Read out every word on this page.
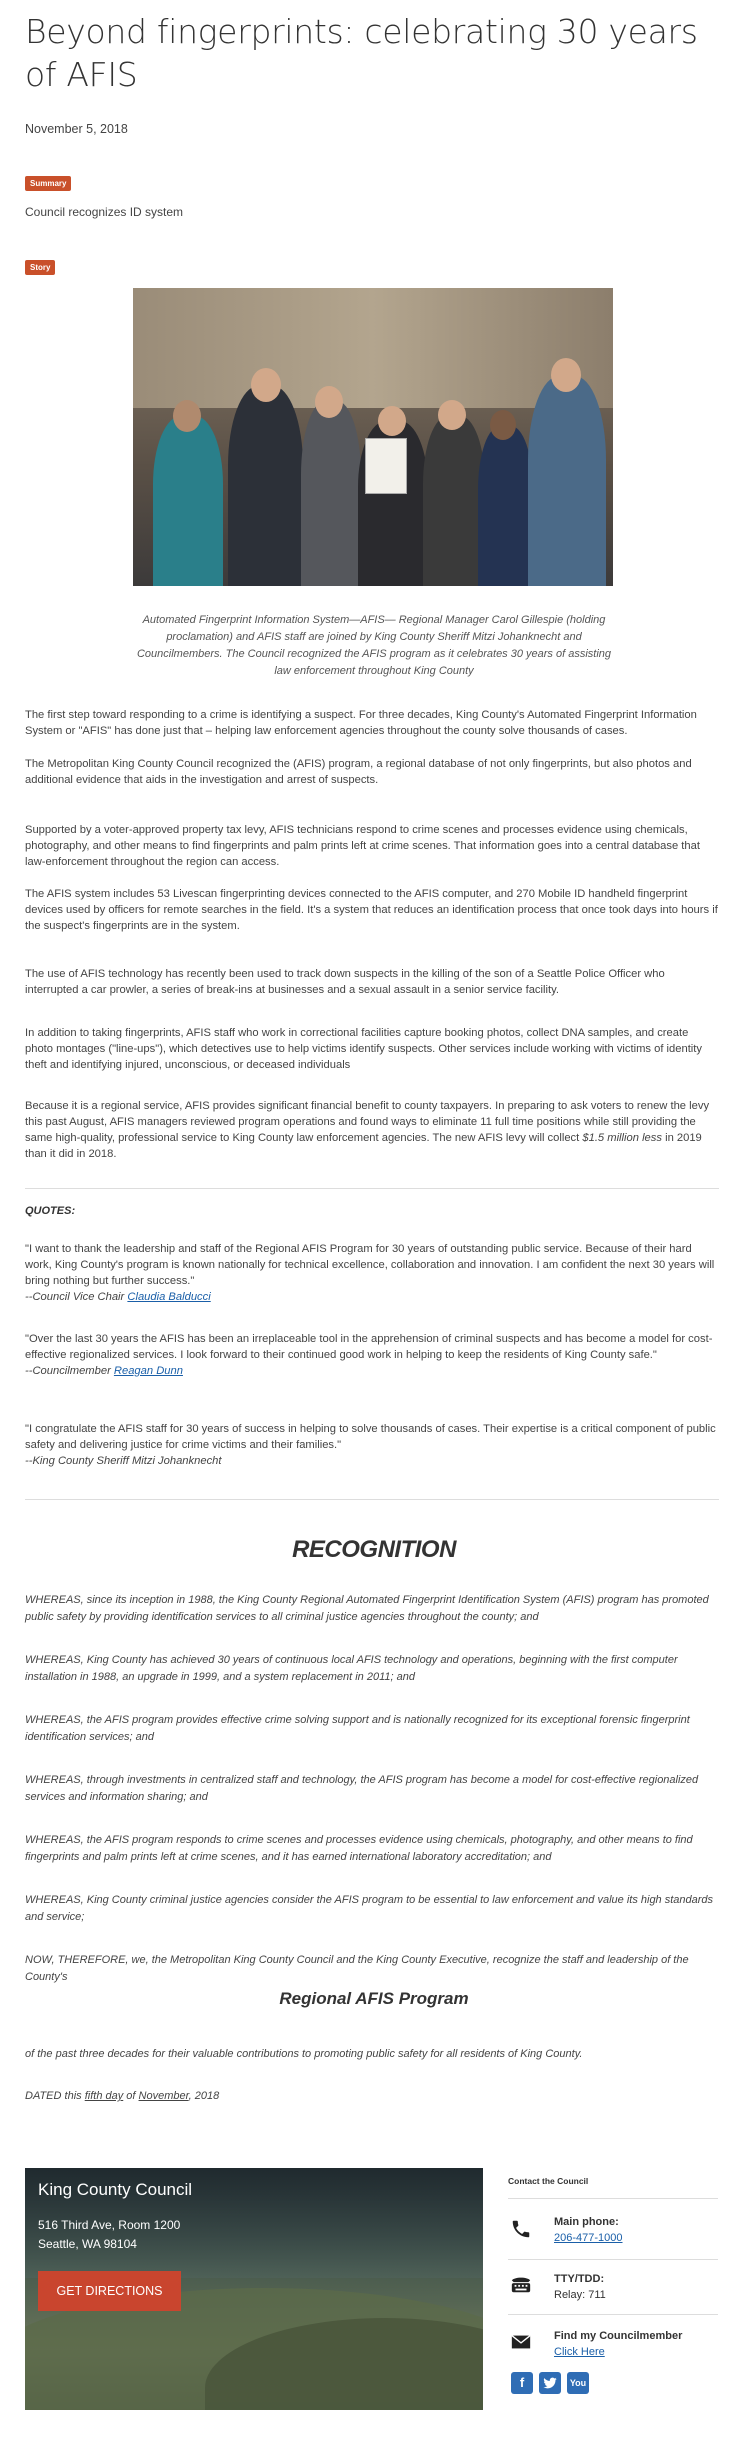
Beyond fingerprints: celebrating 30 years of AFIS
November 5, 2018
Summary
Council recognizes ID system
Story
Automated Fingerprint Information System—AFIS— Regional Manager Carol Gillespie (holding proclamation) and AFIS staff are joined by King County Sheriff Mitzi Johanknecht and Councilmembers. The Council recognized the AFIS program as it celebrates 30 years of assisting law enforcement throughout King County
The first step toward responding to a crime is identifying a suspect. For three decades, King County's Automated Fingerprint Information System or "AFIS" has done just that – helping law enforcement agencies throughout the county solve thousands of cases.
The Metropolitan King County Council recognized the (AFIS) program, a regional database of not only fingerprints, but also photos and additional evidence that aids in the investigation and arrest of suspects.
Supported by a voter-approved property tax levy, AFIS technicians respond to crime scenes and processes evidence using chemicals, photography, and other means to find fingerprints and palm prints left at crime scenes. That information goes into a central database that law-enforcement throughout the region can access.
The AFIS system includes 53 Livescan fingerprinting devices connected to the AFIS computer, and 270 Mobile ID handheld fingerprint devices used by officers for remote searches in the field. It's a system that reduces an identification process that once took days into hours if the suspect's fingerprints are in the system.
The use of AFIS technology has recently been used to track down suspects in the killing of the son of a Seattle Police Officer who interrupted a car prowler, a series of break-ins at businesses and a sexual assault in a senior service facility.
In addition to taking fingerprints, AFIS staff who work in correctional facilities capture booking photos, collect DNA samples, and create photo montages ("line-ups"), which detectives use to help victims identify suspects. Other services include working with victims of identity theft and identifying injured, unconscious, or deceased individuals
Because it is a regional service, AFIS provides significant financial benefit to county taxpayers. In preparing to ask voters to renew the levy this past August, AFIS managers reviewed program operations and found ways to eliminate 11 full time positions while still providing the same high-quality, professional service to King County law enforcement agencies. The new AFIS levy will collect $1.5 million less in 2019 than it did in 2018.
QUOTES:
"I want to thank the leadership and staff of the Regional AFIS Program for 30 years of outstanding public service. Because of their hard work, King County's program is known nationally for technical excellence, collaboration and innovation. I am confident the next 30 years will bring nothing but further success."
--Council Vice Chair Claudia Balducci
"Over the last 30 years the AFIS has been an irreplaceable tool in the apprehension of criminal suspects and has become a model for cost-effective regionalized services. I look forward to their continued good work in helping to keep the residents of King County safe."
--Councilmember Reagan Dunn
"I congratulate the AFIS staff for 30 years of success in helping to solve thousands of cases. Their expertise is a critical component of public safety and delivering justice for crime victims and their families."
--King County Sheriff Mitzi Johanknecht
RECOGNITION
WHEREAS, since its inception in 1988, the King County Regional Automated Fingerprint Identification System (AFIS) program has promoted public safety by providing identification services to all criminal justice agencies throughout the county; and
WHEREAS, King County has achieved 30 years of continuous local AFIS technology and operations, beginning with the first computer installation in 1988, an upgrade in 1999, and a system replacement in 2011; and
WHEREAS, the AFIS program provides effective crime solving support and is nationally recognized for its exceptional forensic fingerprint identification services; and
WHEREAS, through investments in centralized staff and technology, the AFIS program has become a model for cost-effective regionalized services and information sharing; and
WHEREAS, the AFIS program responds to crime scenes and processes evidence using chemicals, photography, and other means to find fingerprints and palm prints left at crime scenes, and it has earned international laboratory accreditation; and
WHEREAS, King County criminal justice agencies consider the AFIS program to be essential to law enforcement and value its high standards and service;
NOW, THEREFORE, we, the Metropolitan King County Council and the King County Executive, recognize the staff and leadership of the County's
Regional AFIS Program
of the past three decades for their valuable contributions to promoting public safety for all residents of King County.
DATED this fifth day of November, 2018
King County Council
516 Third Ave, Room 1200
Seattle, WA 98104
GET DIRECTIONS
Contact the Council
Main phone:
206-477-1000
TTY/TDD:
Relay: 711
Find my Councilmember
Click Here
f	You
